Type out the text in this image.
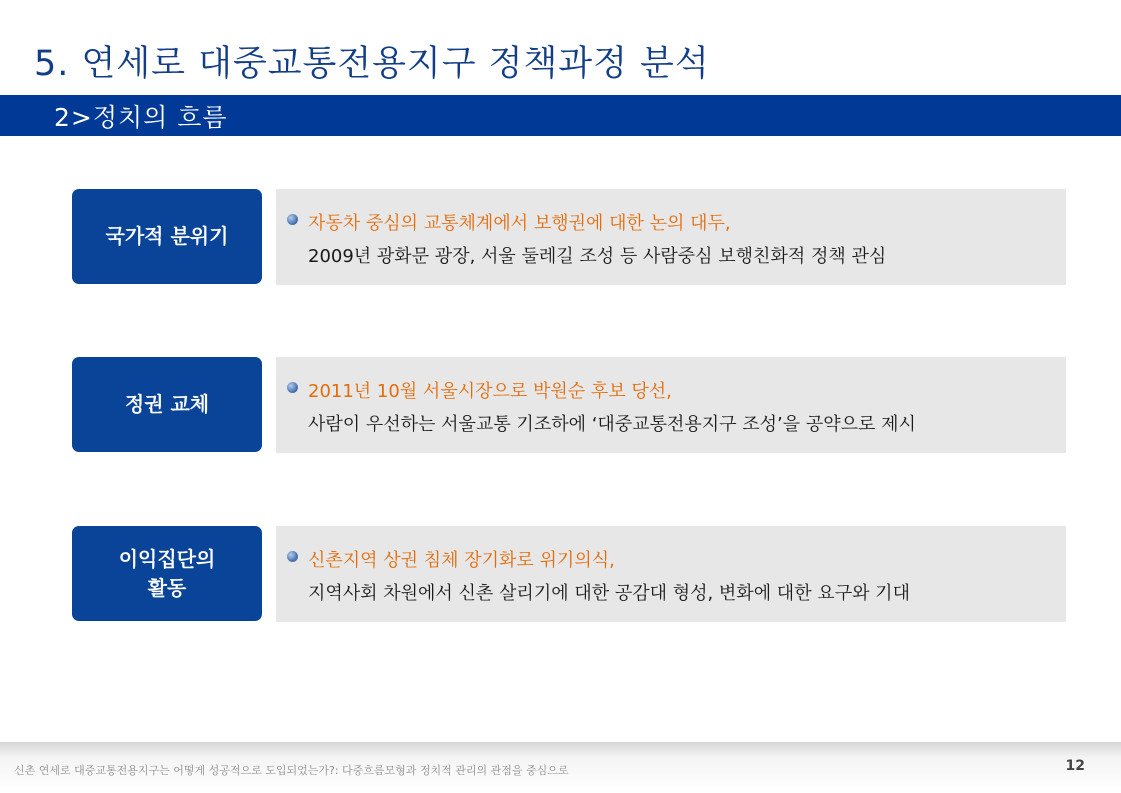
5. 연세로 대중교통전용지구 정책과정 분석
2>정치의 흐름
국가적 분위기
자동차 중심의 교통체계에서 보행권에 대한 논의 대두,
2009년 광화문 광장, 서울 둘레길 조성 등 사람중심 보행친화적 정책 관심
정권 교체
2011년 10월 서울시장으로 박원순 후보 당선,
사람이 우선하는 서울교통 기조하에 ‘대중교통전용지구 조성’을 공약으로 제시
이익집단의
활동
신촌지역 상권 침체 장기화로 위기의식,
지역사회 차원에서 신촌 살리기에 대한 공감대 형성, 변화에 대한 요구와 기대
신촌 연세로 대중교통전용지구는 어떻게 성공적으로 도입되었는가?: 다중흐름모형과 정치적 관리의 관점을 중심으로	12
